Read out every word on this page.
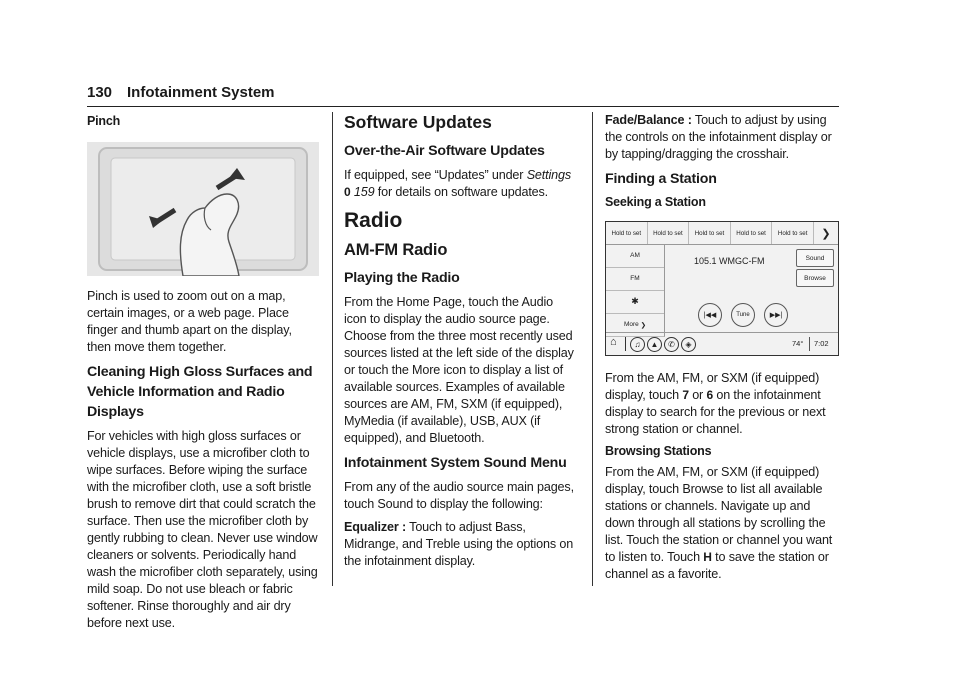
130 Infotainment System
Pinch

Pinch is used to zoom out on a map, certain images, or a web page. Place finger and thumb apart on the display, then move them together.

Cleaning High Gloss Surfaces and Vehicle Information and Radio Displays

For vehicles with high gloss surfaces or vehicle displays, use a microfiber cloth to wipe surfaces. Before wiping the surface with the microfiber cloth, use a soft bristle brush to remove dirt that could scratch the surface. Then use the microfiber cloth by gently rubbing to clean. Never use window cleaners or solvents. Periodically hand wash the microfiber cloth separately, using mild soap. Do not use bleach or fabric softener. Rinse thoroughly and air dry before next use.

Software Updates
Over-the-Air Software Updates

If equipped, see “Updates” under Settings
0 159 for details on software updates.

Radio
AM-FM Radio
Playing the Radio

From the Home Page, touch the Audio icon to display the audio source page. Choose from the three most recently used sources listed at the left side of the display or touch the More icon to display a list of available sources. Examples of available sources are AM, FM, SXM (if equipped), MyMedia (if available), USB, AUX (if equipped), and Bluetooth.

Infotainment System Sound Menu

From any of the audio source main pages, touch Sound to display the following:

Equalizer : Touch to adjust Bass, Midrange, and Treble using the options on the infotainment display.

Fade/Balance : Touch to adjust by using the controls on the infotainment display or by tapping/dragging the crosshair.

Finding a Station
Seeking a Station
Hold to set	Hold to set	Hold to set	Hold to set	Hold to set	❯
AM
FM
✱
More ❯
105.1 WMGC-FM	Sound
Browse
|◀◀	Tune	▶▶|
⌂	♫	▲	✆	◈	74° 7:02

From the AM, FM, or SXM (if equipped) display, touch 7 or 6 on the infotainment display to search for the previous or next strong station or channel.

Browsing Stations

From the AM, FM, or SXM (if equipped) display, touch Browse to list all available stations or channels. Navigate up and down through all stations by scrolling the list. Touch the station or channel you want to listen to. Touch H to save the station or channel as a favorite.
